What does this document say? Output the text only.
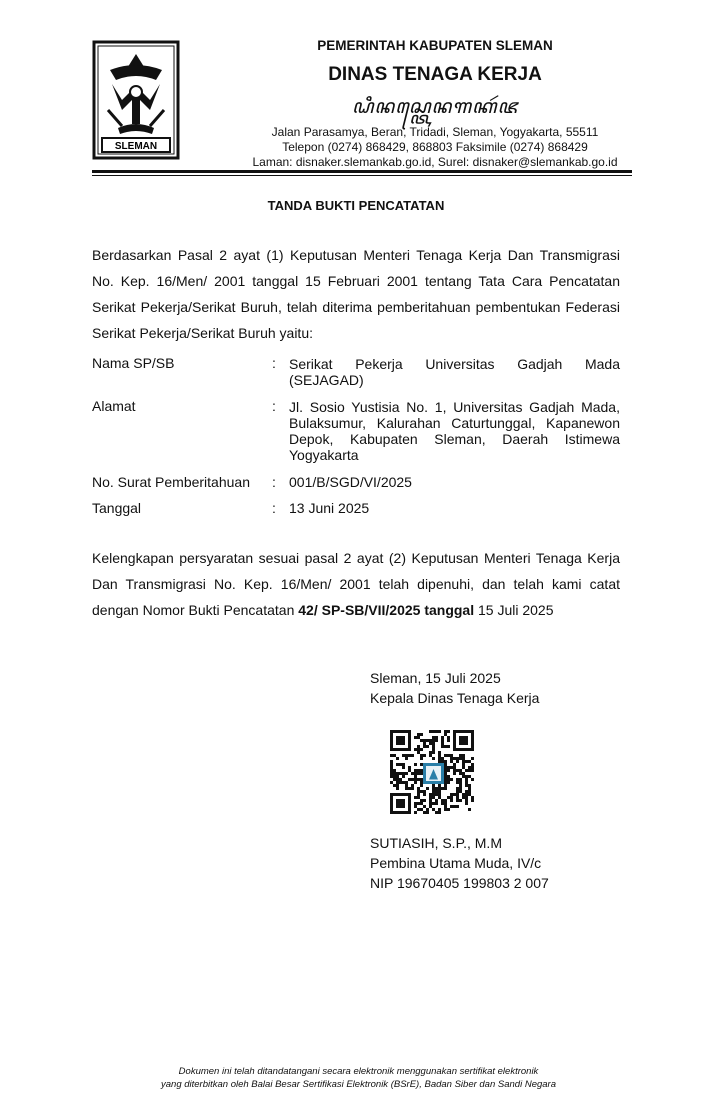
SLEMAN
PEMERINTAH KABUPATEN SLEMAN
DINAS TENAGA KERJA
ꦝꦶꦤꦱ꧀ꦠꦺꦤꦒꦏꦂꦗ
Jalan Parasamya, Beran, Tridadi, Sleman, Yogyakarta, 55511
Telepon (0274) 868429, 868803 Faksimile (0274) 868429
Laman: disnaker.slemankab.go.id, Surel: disnaker@slemankab.go.id
TANDA BUKTI PENCATATAN
Berdasarkan Pasal 2 ayat (1) Keputusan Menteri Tenaga Kerja Dan Transmigrasi No. Kep. 16/Men/ 2001 tanggal 15 Februari 2001 tentang Tata Cara Pencatatan Serikat Pekerja/Serikat Buruh, telah diterima pemberitahuan pembentukan Federasi Serikat Pekerja/Serikat Buruh yaitu:
Nama SP/SB	: Serikat Pekerja Universitas Gadjah Mada (SEJAGAD)
Alamat	: Jl. Sosio Yustisia No. 1, Universitas Gadjah Mada, Bulaksumur, Kalurahan Caturtunggal, Kapanewon Depok, Kabupaten Sleman, Daerah Istimewa Yogyakarta
No. Surat Pemberitahuan : 001/B/SGD/VI/2025
Tanggal	: 13 Juni 2025
Kelengkapan persyaratan sesuai pasal 2 ayat (2) Keputusan Menteri Tenaga Kerja Dan Transmigrasi No. Kep. 16/Men/ 2001 telah dipenuhi, dan telah kami catat dengan Nomor Bukti Pencatatan 42/ SP-SB/VII/2025 tanggal 15 Juli 2025
Sleman, 15 Juli 2025
Kepala Dinas Tenaga Kerja
SUTIASIH, S.P., M.M
Pembina Utama Muda, IV/c
NIP 19670405 199803 2 007
Dokumen ini telah ditandatangani secara elektronik menggunakan sertifikat elektronik
yang diterbitkan oleh Balai Besar Sertifikasi Elektronik (BSrE), Badan Siber dan Sandi Negara
